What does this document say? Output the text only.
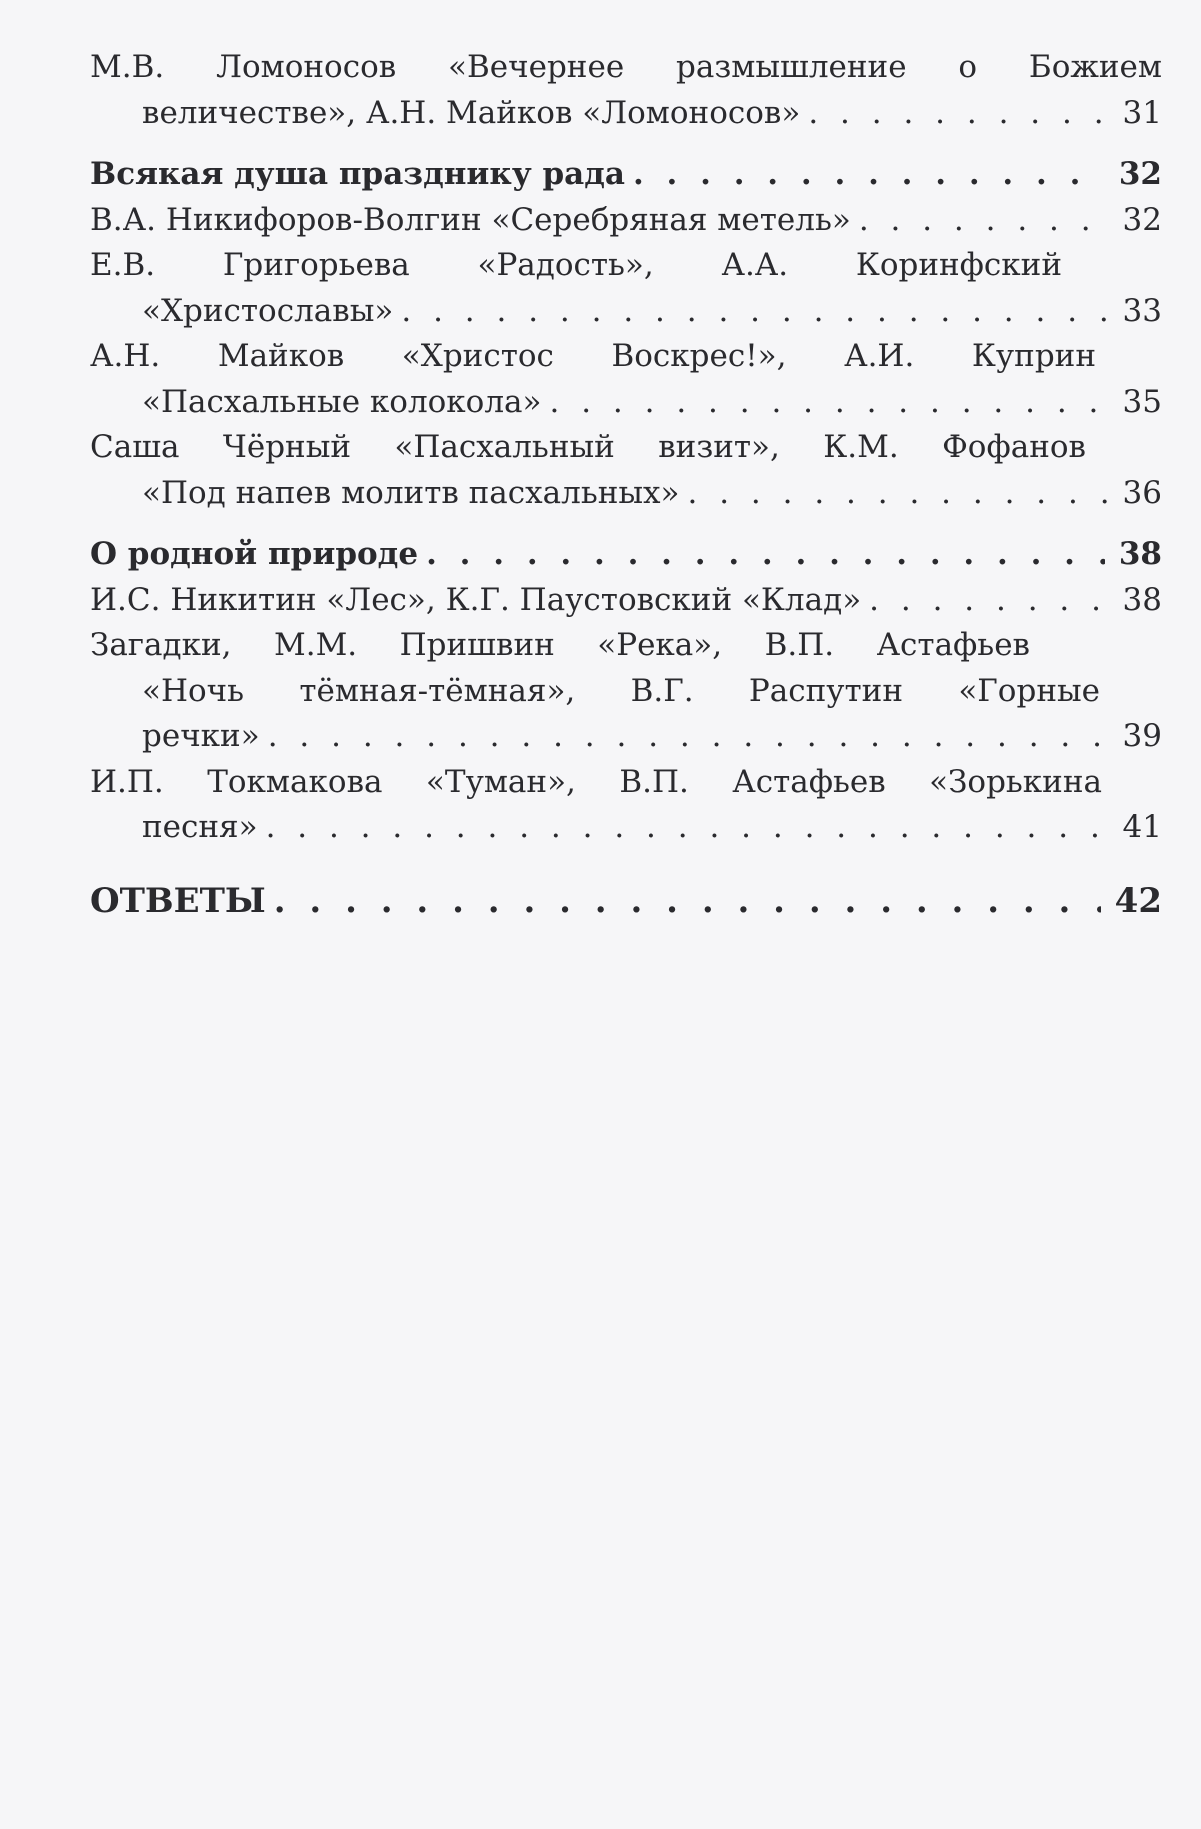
М.В. Ломоносов «Вечернее размышление о Божием
величестве», А.Н. Майков «Ломоносов» . . .	31
Всякая душа празднику рада . . .	32
В.А. Никифоров-Волгин «Серебряная метель» . . .	32
Е.В. Григорьева «Радость», А.А. Коринфский
«Христославы» . . .	33
А.Н. Майков «Христос Воскрес!», А.И. Куприн
«Пасхальные колокола» . . .	35
Саша Чёрный «Пасхальный визит», К.М. Фофанов
«Под напев молитв пасхальных» . . .	36
О родной природе . . .	38
И.С. Никитин «Лес», К.Г. Паустовский «Клад» . . .	38
Загадки, М.М. Пришвин «Река», В.П. Астафьев
«Ночь тёмная-тёмная», В.Г. Распутин «Горные
речки» . . .	39
И.П. Токмакова «Туман», В.П. Астафьев «Зорькина
песня» . . .	41
ОТВЕТЫ . . .	42
